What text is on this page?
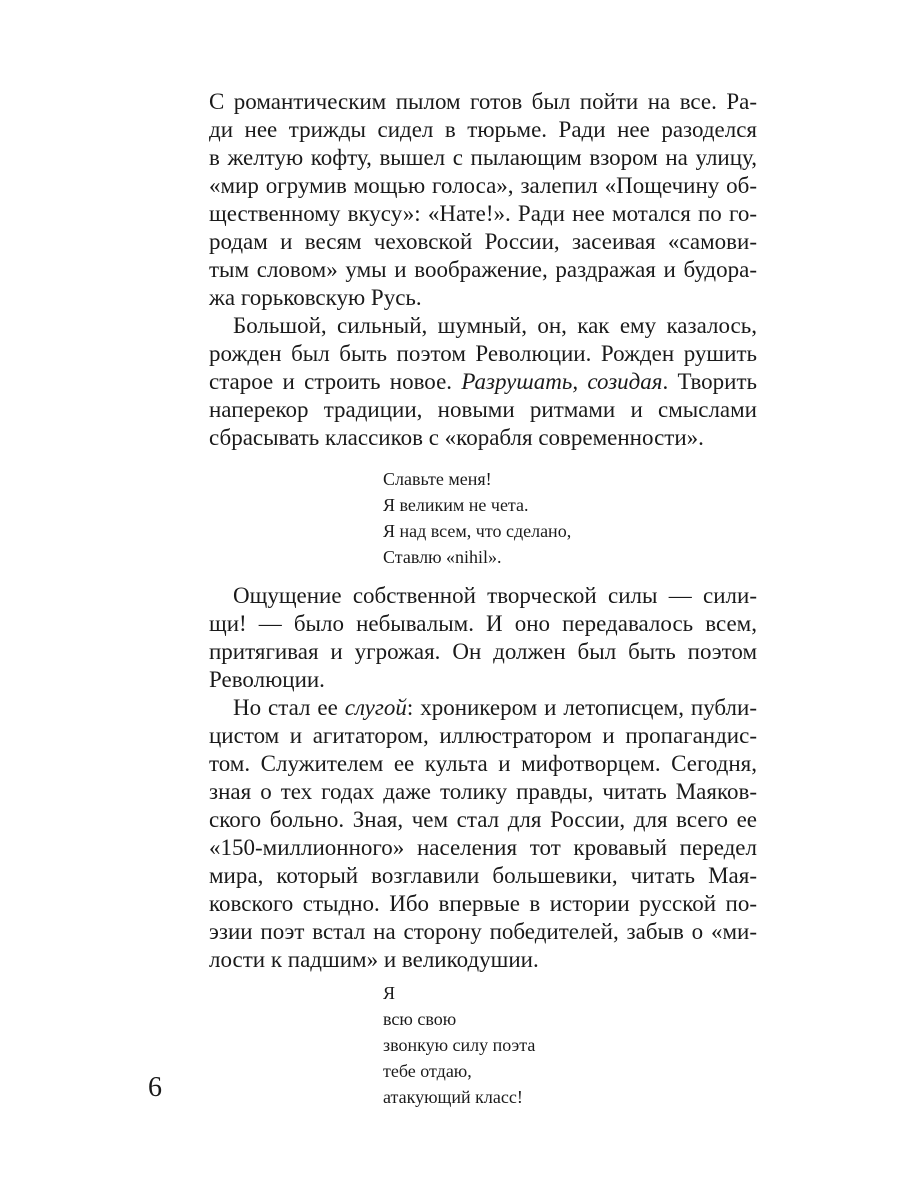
С романтическим пылом готов был пойти на все. Ра-
ди нее трижды сидел в тюрьме. Ради нее разоделся
в желтую кофту, вышел с пылающим взором на улицу,
«мир огрумив мощью голоса», залепил «Пощечину об-
щественному вкусу»: «Нате!». Ради нее мотался по го-
родам и весям чеховской России, засеивая «самови-
тым словом» умы и воображение, раздражая и будора-
жа горьковскую Русь.
Большой, сильный, шумный, он, как ему казалось,
рожден был быть поэтом Революции. Рожден рушить
старое и строить новое. Разрушать, созидая. Творить
наперекор традиции, новыми ритмами и смыслами
сбрасывать классиков с «корабля современности».
Славьте меня!
Я великим не чета.
Я над всем, что сделано,
Ставлю «nihil».
Ощущение собственной творческой силы — сили-
щи! — было небывалым. И оно передавалось всем,
притягивая и угрожая. Он должен был быть поэтом
Революции.
Но стал ее слугой: хроникером и летописцем, публи-
цистом и агитатором, иллюстратором и пропагандис-
том. Служителем ее культа и мифотворцем. Сегодня,
зная о тех годах даже толику правды, читать Маяков-
ского больно. Зная, чем стал для России, для всего ее
«150-миллионного» населения тот кровавый передел
мира, который возглавили большевики, читать Мая-
ковского стыдно. Ибо впервые в истории русской по-
эзии поэт встал на сторону победителей, забыв о «ми-
лости к падшим» и великодушии.
Я
всю свою
звонкую силу поэта
тебе отдаю,
атакующий класс!
6
